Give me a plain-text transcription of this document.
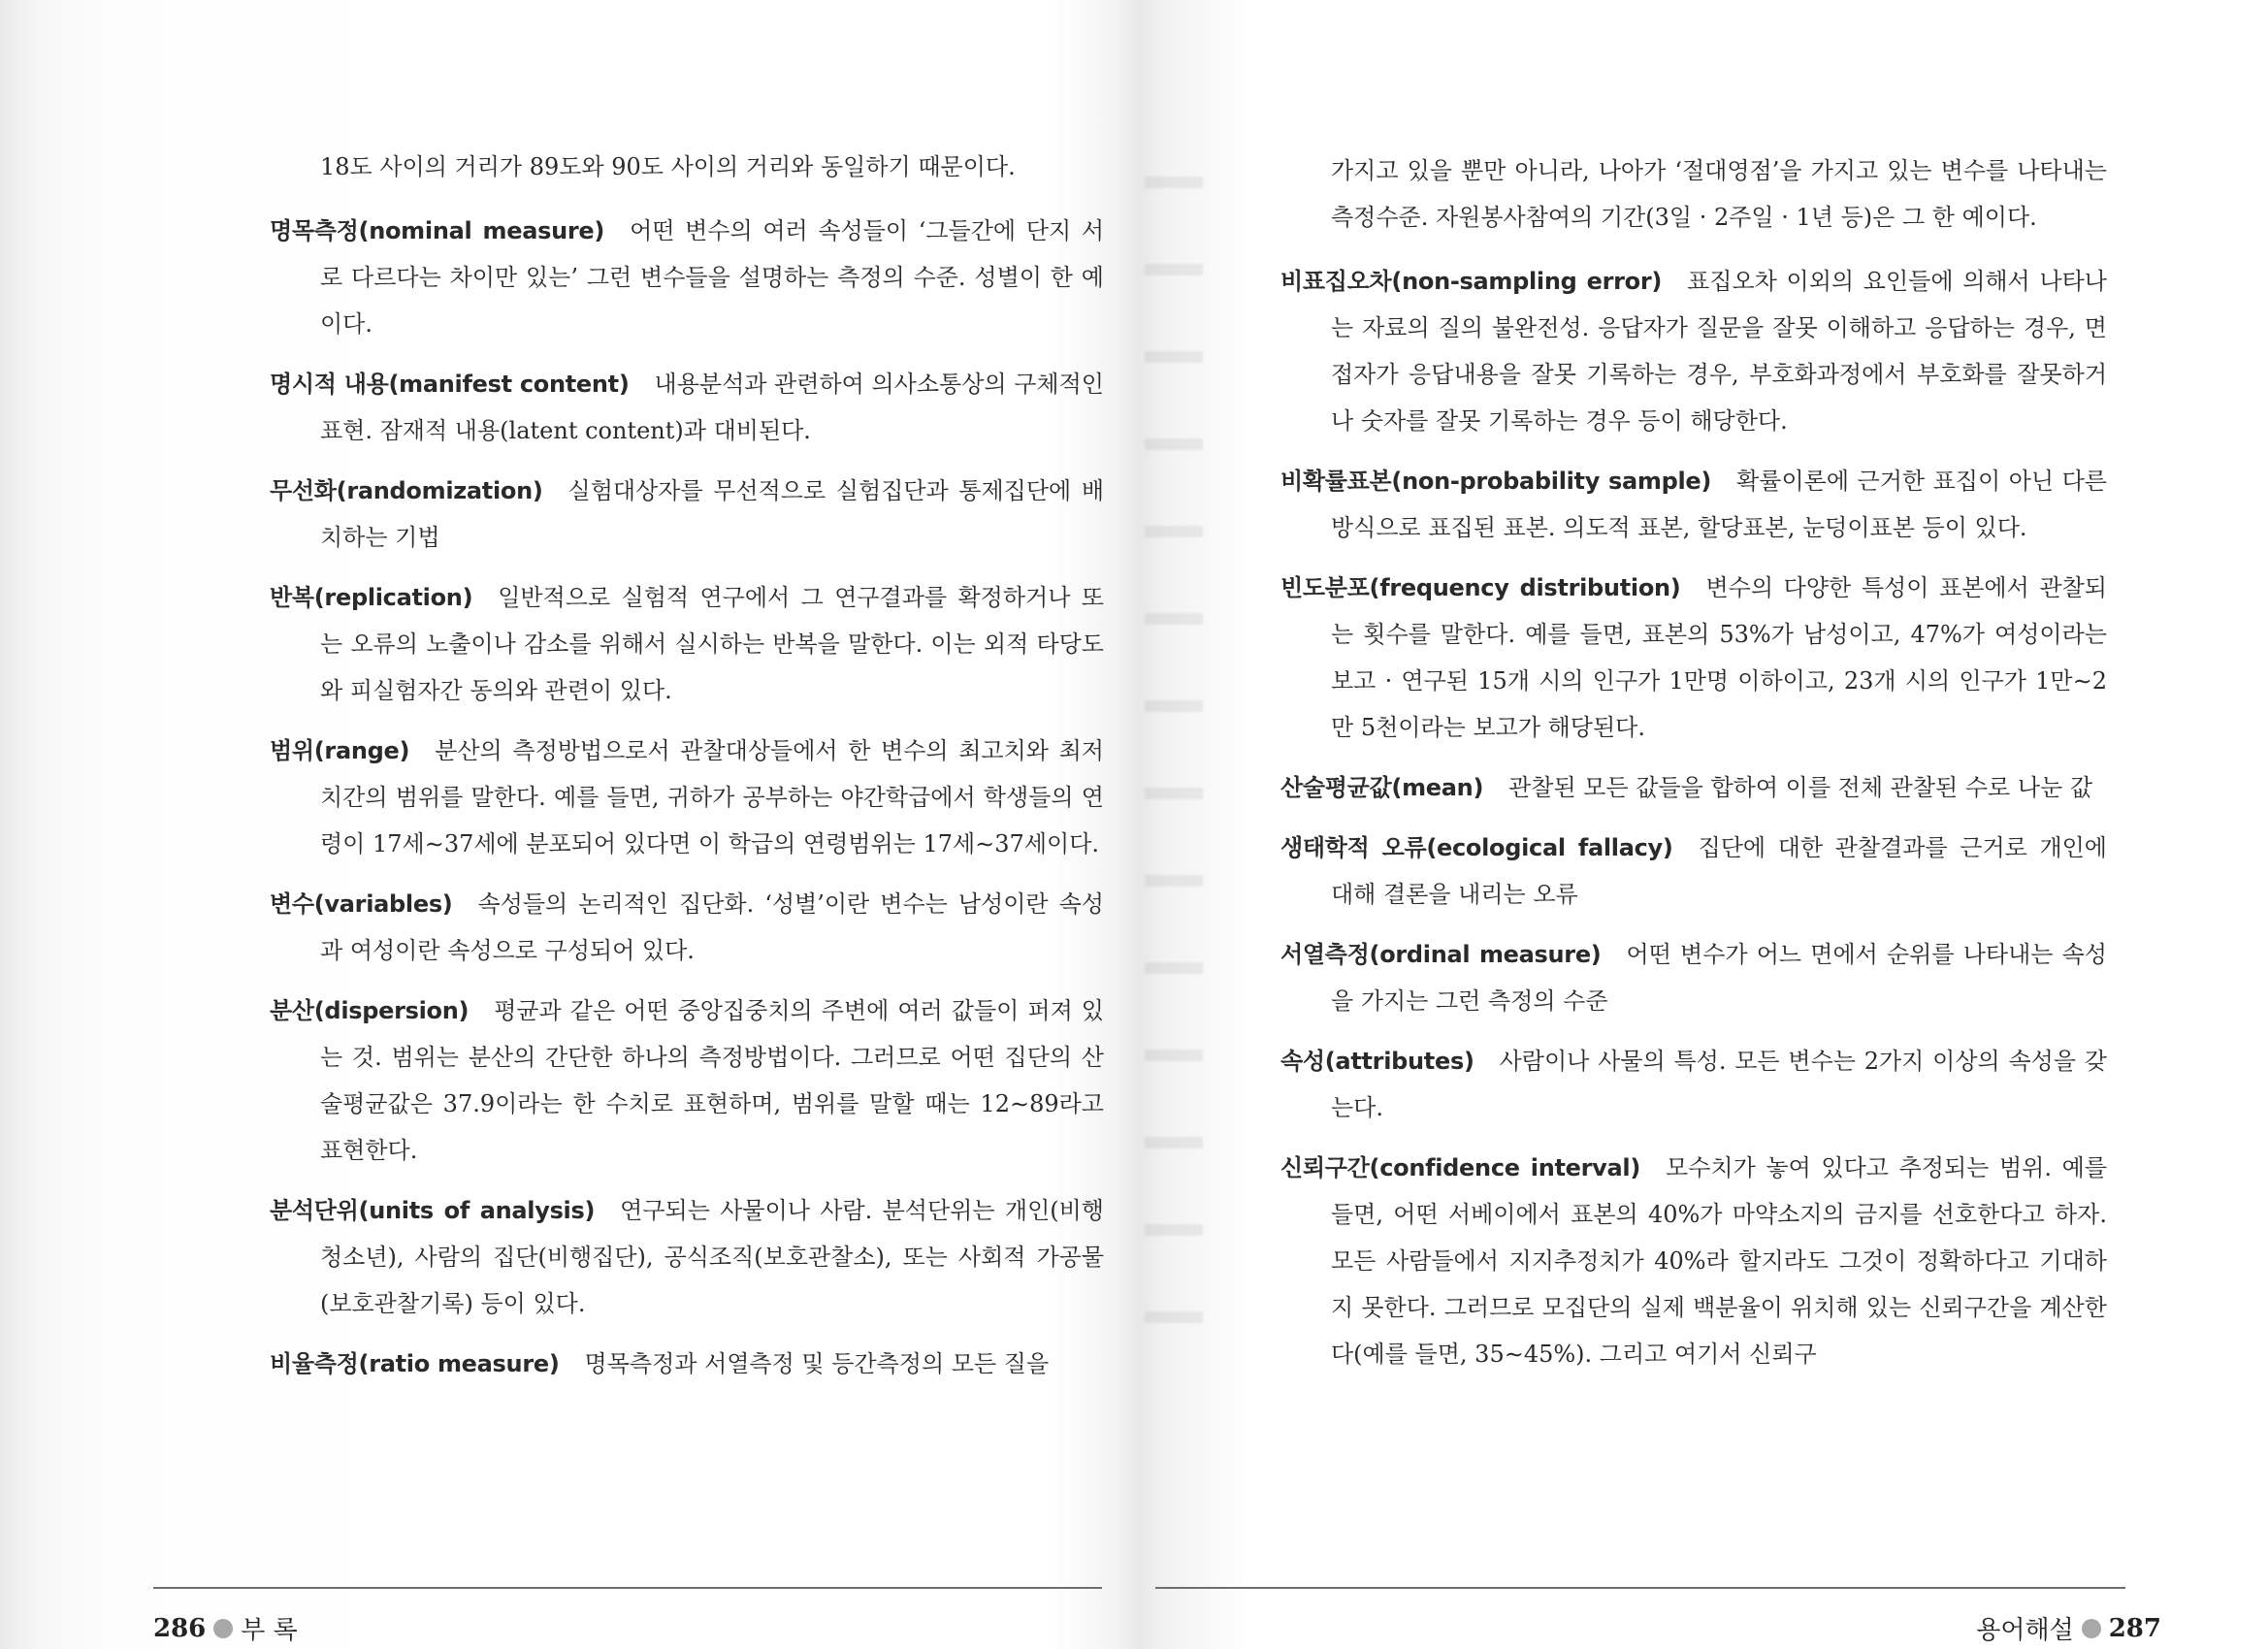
18도 사이의 거리가 89도와 90도 사이의 거리와 동일하기 때문이다.

명목측정(nominal measure) 어떤 변수의 여러 속성들이 ‘그들간에 단지 서로 다르다는 차이만 있는’ 그런 변수들을 설명하는 측정의 수준. 성별이 한 예이다.

명시적 내용(manifest content) 내용분석과 관련하여 의사소통상의 구체적인 표현. 잠재적 내용(latent content)과 대비된다.

무선화(randomization) 실험대상자를 무선적으로 실험집단과 통제집단에 배치하는 기법

반복(replication) 일반적으로 실험적 연구에서 그 연구결과를 확정하거나 또는 오류의 노출이나 감소를 위해서 실시하는 반복을 말한다. 이는 외적 타당도와 피실험자간 동의와 관련이 있다.

범위(range) 분산의 측정방법으로서 관찰대상들에서 한 변수의 최고치와 최저치간의 범위를 말한다. 예를 들면, 귀하가 공부하는 야간학급에서 학생들의 연령이 17세∼37세에 분포되어 있다면 이 학급의 연령범위는 17세∼37세이다.

변수(variables) 속성들의 논리적인 집단화. ‘성별’이란 변수는 남성이란 속성과 여성이란 속성으로 구성되어 있다.

분산(dispersion) 평균과 같은 어떤 중앙집중치의 주변에 여러 값들이 퍼져 있는 것. 범위는 분산의 간단한 하나의 측정방법이다. 그러므로 어떤 집단의 산술평균값은 37.9이라는 한 수치로 표현하며, 범위를 말할 때는 12∼89라고 표현한다.

분석단위(units of analysis) 연구되는 사물이나 사람. 분석단위는 개인(비행청소년), 사람의 집단(비행집단), 공식조직(보호관찰소), 또는 사회적 가공물(보호관찰기록) 등이 있다.

비율측정(ratio measure) 명목측정과 서열측정 및 등간측정의 모든 질을

286 부 록

가지고 있을 뿐만 아니라, 나아가 ‘절대영점’을 가지고 있는 변수를 나타내는 측정수준. 자원봉사참여의 기간(3일 · 2주일 · 1년 등)은 그 한 예이다.

비표집오차(non-sampling error) 표집오차 이외의 요인들에 의해서 나타나는 자료의 질의 불완전성. 응답자가 질문을 잘못 이해하고 응답하는 경우, 면접자가 응답내용을 잘못 기록하는 경우, 부호화과정에서 부호화를 잘못하거나 숫자를 잘못 기록하는 경우 등이 해당한다.

비확률표본(non-probability sample) 확률이론에 근거한 표집이 아닌 다른 방식으로 표집된 표본. 의도적 표본, 할당표본, 눈덩이표본 등이 있다.

빈도분포(frequency distribution) 변수의 다양한 특성이 표본에서 관찰되는 횟수를 말한다. 예를 들면, 표본의 53%가 남성이고, 47%가 여성이라는 보고 · 연구된 15개 시의 인구가 1만명 이하이고, 23개 시의 인구가 1만∼2만 5천이라는 보고가 해당된다.

산술평균값(mean) 관찰된 모든 값들을 합하여 이를 전체 관찰된 수로 나눈 값

생태학적 오류(ecological fallacy) 집단에 대한 관찰결과를 근거로 개인에 대해 결론을 내리는 오류

서열측정(ordinal measure) 어떤 변수가 어느 면에서 순위를 나타내는 속성을 가지는 그런 측정의 수준

속성(attributes) 사람이나 사물의 특성. 모든 변수는 2가지 이상의 속성을 갖는다.

신뢰구간(confidence interval) 모수치가 놓여 있다고 추정되는 범위. 예를 들면, 어떤 서베이에서 표본의 40%가 마약소지의 금지를 선호한다고 하자. 모든 사람들에서 지지추정치가 40%라 할지라도 그것이 정확하다고 기대하지 못한다. 그러므로 모집단의 실제 백분율이 위치해 있는 신뢰구간을 계산한다(예를 들면, 35∼45%). 그리고 여기서 신뢰구

용어해설 287
